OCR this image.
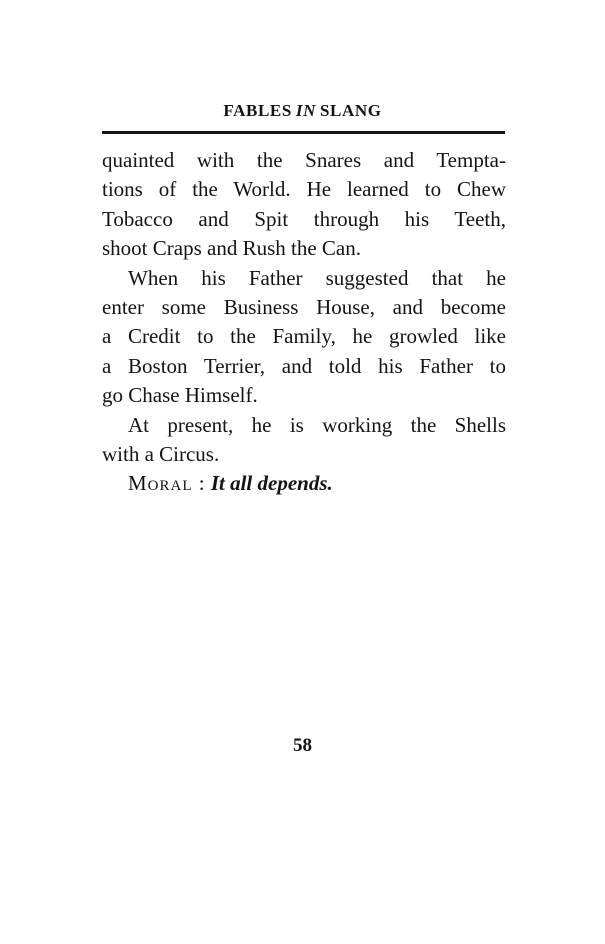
FABLES IN SLANG

quainted with the Snares and Tempta-
tions of the World. He learned to Chew
Tobacco and Spit through his Teeth,
shoot Craps and Rush the Can.

When his Father suggested that he
enter some Business House, and become
a Credit to the Family, he growled like
a Boston Terrier, and told his Father to
go Chase Himself.

At present, he is working the Shells
with a Circus.

Moral : It all depends.

58
